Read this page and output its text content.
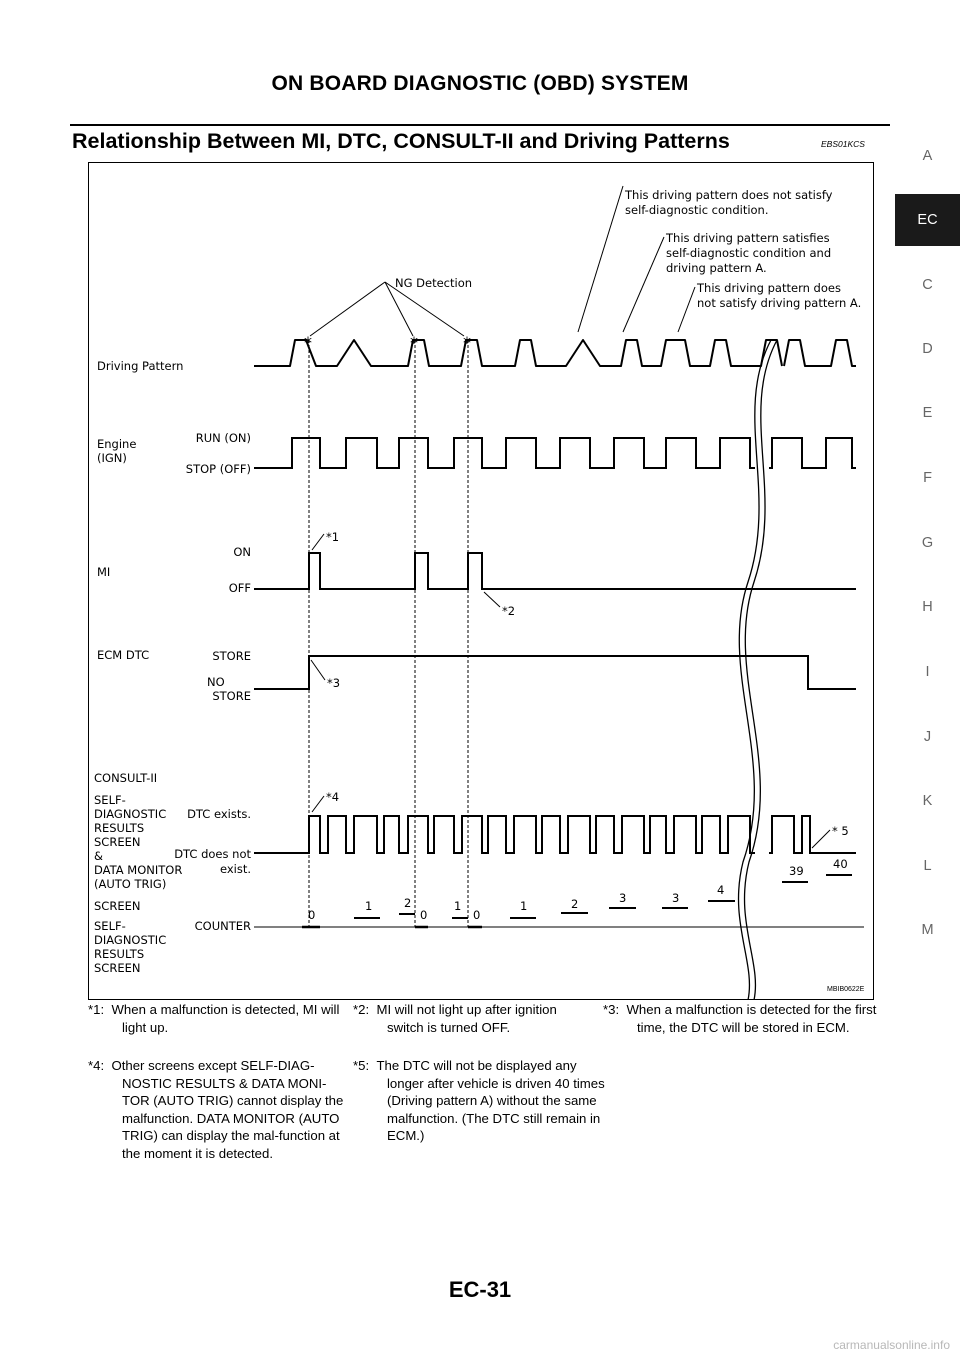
ON BOARD DIAGNOSTIC (OBD) SYSTEM
Relationship Between MI, DTC, CONSULT-II and Driving Patterns	EBS01KCS
A
EC
C
D
E
F
G
H
I
J
K
L
M
This driving pattern does not satisfy
self-diagnostic condition.
This driving pattern satisfies
self-diagnostic condition and
driving pattern A.
This driving pattern does
not satisfy driving pattern A.
NG Detection
Driving Pattern
Engine
(IGN)
RUN (ON)
STOP (OFF)
MI
ON
OFF
ECM DTC	STORE
NO
STORE
CONSULT-II
SELF-
DIAGNOSTIC
RESULTS
SCREEN
&
DATA MONITOR
(AUTO TRIG)
SCREEN
DTC exists.
DTC does not
exist.
SELF-
DIAGNOSTIC
RESULTS
SCREEN
COUNTER
*	*	*
*1
*2
*3
*4
* 5
0
1	2
0
1
0
1	2	3	3
4
39	40
MBIB0622E
*1: When a malfunction is detected, MI will light up.
*2: MI will not light up after ignition switch is turned OFF.
*3: When a malfunction is detected for the first time, the DTC will be stored in ECM.
*4: Other screens except SELF-DIAG-NOSTIC RESULTS & DATA MONI-TOR (AUTO TRIG) cannot display the malfunction. DATA MONITOR (AUTO TRIG) can display the mal-function at the moment it is detected.
*5: The DTC will not be displayed any longer after vehicle is driven 40 times (Driving pattern A) without the same malfunction. (The DTC still remain in ECM.)
EC-31
carmanualsonline.info
